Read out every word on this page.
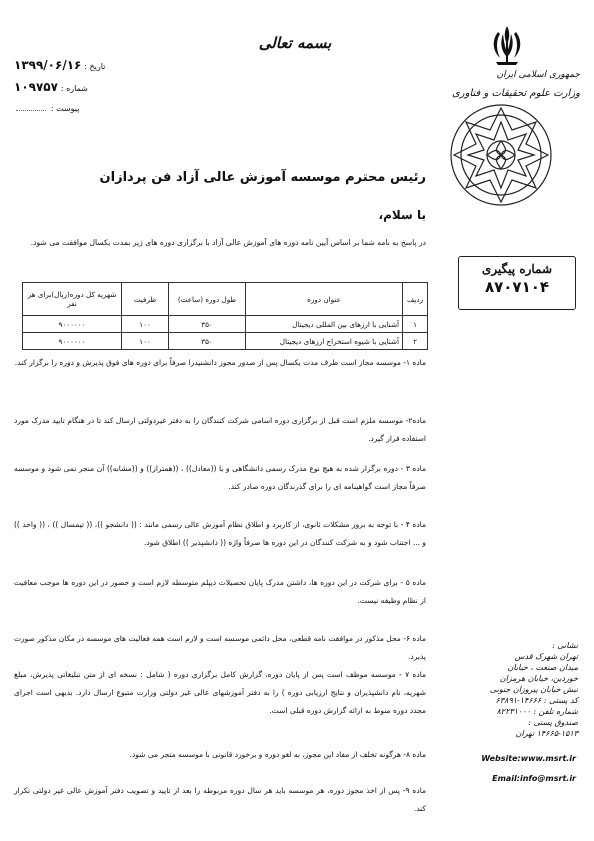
تاریخ : ۱۳۹۹/۰۶/۱۶
شماره : ۱۰۹۷۵۷
پیوست :
بسمه تعالی
جمهوری اسلامی ایران
وزارت علوم تحقیقات و فناوری
رئیس محترم موسسه آموزش عالی آزاد فن پردازان
با سلام،
در پاسخ به نامه شما بر اساس آیین نامه دوره های آموزش عالی آزاد با برگزاری دوره های زیر بمدت یکسال موافقت می شود.
شماره پیگیری
۸۷۰۷۱۰۴
ردیف	عنوان دوره	طول دوره (ساعت)	ظرفیت	شهریه کل دوره(ریال)برای هر نفر
۱	آشنایی با ارزهای بین المللی دیجیتال	۳۵۰	۱۰۰	۹۰۰۰۰۰۰
۲	آشنایی با شیوه استخراج ارزهای دیجیتال	۳۵۰	۱۰۰	۹۰۰۰۰۰۰
ماده ۱- موسسه مجاز است ظرف مدت یکسال پس از صدور مجوز دانشنیدرا صرفاً برای دوره های فوق پذیرش و دوره را برگزار کند.
ماده۲- موسسه ملزم است قبل از برگزاری دوره اسامی شرکت کنندگان را به دفتر غیردولتی ارسال کند تا در هنگام تایید مدرک مورد استفاده قرار گیرد.
ماده ۳ - دوره برگزار شده به هیچ نوع مدرک رسمی دانشگاهی و یا ((معادل)) ، ((همتراز)) و ((مشابه)) آن منجر نمی شود و موسسه صرفاً مجاز است گواهینامه ای را برای گذرندگان دوره صادر کند.
ماده ۴ - با توجه به بروز مشکلات ثانوی، از کاربرد و اطلاق نظام آموزش عالی رسمی مانند : (( دانشجو ))، (( تیمسال )) ، (( واحد )) و ... اجتناب شود و به شرکت کنندگان در این دوره ها صرفاً واژه (( دانشپذیر )) اطلاق شود.
ماده ۵ - برای شرکت در این دوره ها، داشتن مدرک پایان تحصیلات دیپلم متوسطه لازم است و حضور در این دوره ها موجب معافیت از نظام وظیفه نیست.
ماده ۶- محل مذکور در موافقت نامه قطعی، محل دائمی موسسه است و لازم است همه فعالیت های موسسه در مکان مذکور صورت پذیرد.
ماده ۷ - موسسه موظف است پس از پایان دوره، گزارش کامل برگزاری دوره ( شامل : نسخه ای از متن تبلیغاتی پذیرش، مبلغ شهریه، نام دانشپذیران و نتایج ارزیابی دوره ) را به دفتر آموزشهای عالی غیر دولتی وزارت متبوع ارسال دارد. بدیهی است اجرای مجدد دوره منوط به ارائه گزارش دوره قبلی است.
ماده ۸- هرگونه تخلف از مفاد این مجوز، به لغو دوره و برخورد قانونی با موسسه متجر می شود.
ماده ۹- پس از اخذ مجوز دوره، هر موسسه باید هر سال دوره مربوطه را بعد از تایید و تصویب دفتر آموزش عالی غیر دولتی تکرار کند.
نشانی :
تهران شهرک قدس
میدان صنعت ، خیابان
خوردین، خیابان هرمزان
نبش خیابان پیروزان جنوبی
کد پستی : ۱۴۶۶۶-۶۳۸۹۱
شماره تلفن : ۸۲۲۳۱۰۰۰
صندوق پستی :
۱۴۶۶۵-۱۵۱۳ تهران
Website:www.msrt.ir
Email:info@msrt.ir
